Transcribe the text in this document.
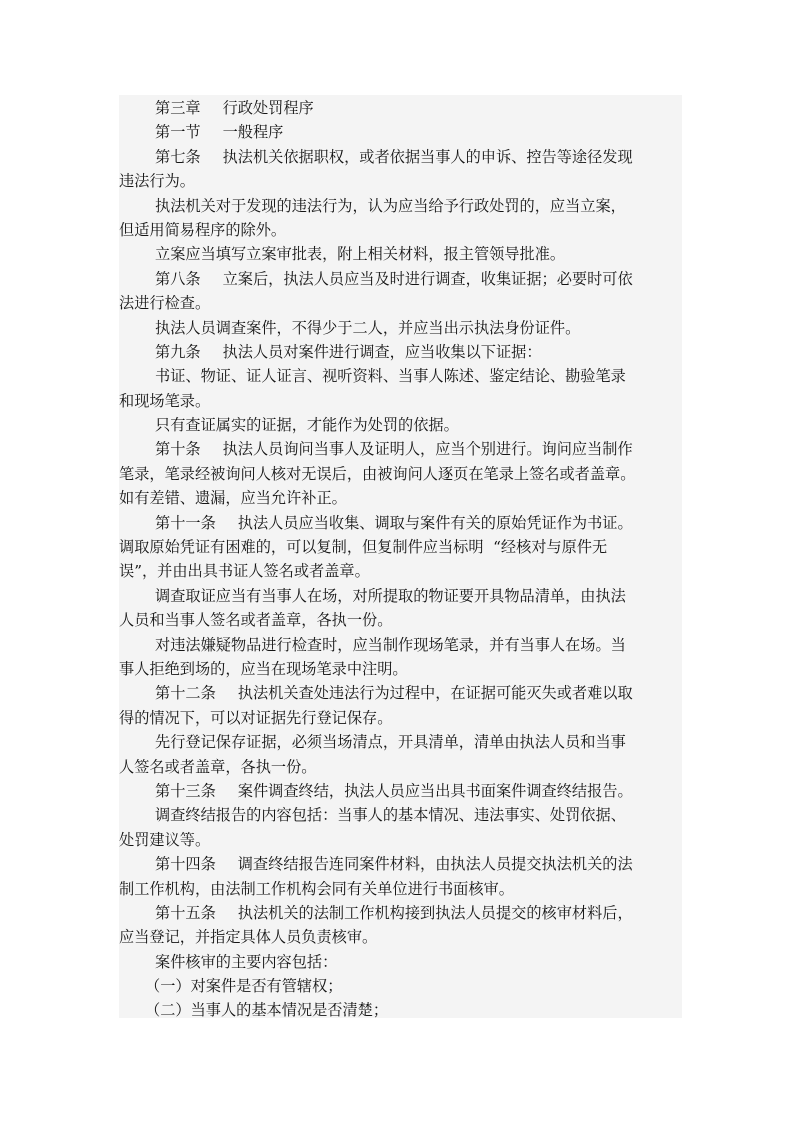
第三章 行政处罚程序
第一节 一般程序
第七条 执法机关依据职权，或者依据当事人的申诉、控告等途径发现
违法行为。
执法机关对于发现的违法行为，认为应当给予行政处罚的，应当立案，
但适用简易程序的除外。
立案应当填写立案审批表，附上相关材料，报主管领导批准。
第八条 立案后，执法人员应当及时进行调查，收集证据；必要时可依
法进行检查。
执法人员调查案件，不得少于二人，并应当出示执法身份证件。
第九条 执法人员对案件进行调查，应当收集以下证据：
书证、物证、证人证言、视听资料、当事人陈述、鉴定结论、勘验笔录
和现场笔录。
只有查证属实的证据，才能作为处罚的依据。
第十条 执法人员询问当事人及证明人，应当个别进行。询问应当制作
笔录，笔录经被询问人核对无误后，由被询问人逐页在笔录上签名或者盖章。
如有差错、遗漏，应当允许补正。
第十一条 执法人员应当收集、调取与案件有关的原始凭证作为书证。
调取原始凭证有困难的，可以复制，但复制件应当标明  “经核对与原件无
误”，并由出具书证人签名或者盖章。
调查取证应当有当事人在场，对所提取的物证要开具物品清单，由执法
人员和当事人签名或者盖章，各执一份。
对违法嫌疑物品进行检查时，应当制作现场笔录，并有当事人在场。当
事人拒绝到场的，应当在现场笔录中注明。
第十二条 执法机关查处违法行为过程中，在证据可能灭失或者难以取
得的情况下，可以对证据先行登记保存。
先行登记保存证据，必须当场清点，开具清单，清单由执法人员和当事
人签名或者盖章，各执一份。
第十三条 案件调查终结，执法人员应当出具书面案件调查终结报告。
调查终结报告的内容包括：当事人的基本情况、违法事实、处罚依据、
处罚建议等。
第十四条 调查终结报告连同案件材料，由执法人员提交执法机关的法
制工作机构，由法制工作机构会同有关单位进行书面核审。
第十五条 执法机关的法制工作机构接到执法人员提交的核审材料后，
应当登记，并指定具体人员负责核审。
案件核审的主要内容包括：
（一）对案件是否有管辖权；
（二）当事人的基本情况是否清楚；
